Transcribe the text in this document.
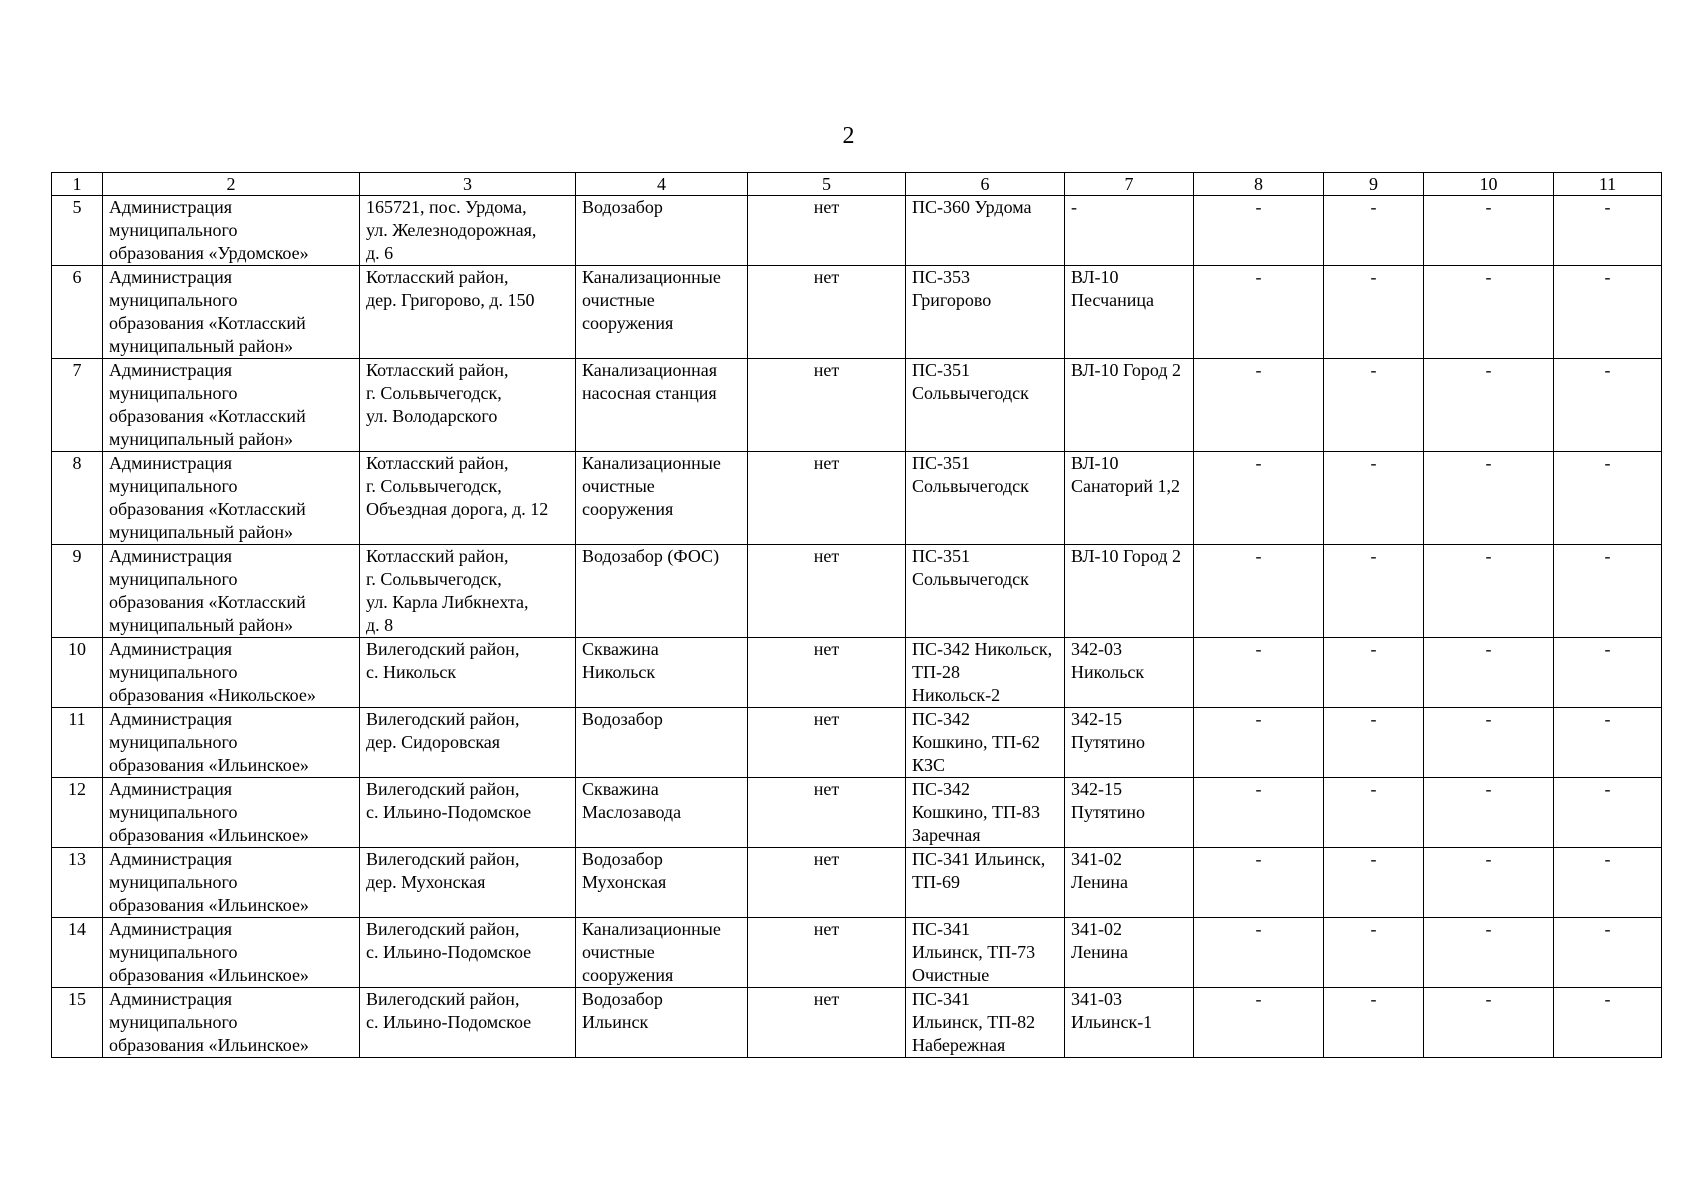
2
1	2	3	4	5	6	7	8	9	10	11
5	Администрация
муниципального
образования «Урдомское»	165721, пос. Урдома,
ул. Железнодорожная,
д. 6	Водозабор	нет	ПС-360 Урдома	-	-	-	-	-
6	Администрация
муниципального
образования «Котласский
муниципальный район»	Котласский район,
дер. Григорово, д. 150	Канализационные
очистные
сооружения	нет	ПС-353
Григорово	ВЛ-10
Песчаница	-	-	-	-
7	Администрация
муниципального
образования «Котласский
муниципальный район»	Котласский район,
г. Сольвычегодск,
ул. Володарского	Канализационная
насосная станция	нет	ПС-351
Сольвычегодск	ВЛ-10 Город 2	-	-	-	-
8	Администрация
муниципального
образования «Котласский
муниципальный район»	Котласский район,
г. Сольвычегодск,
Объездная дорога, д. 12	Канализационные
очистные
сооружения	нет	ПС-351
Сольвычегодск	ВЛ-10
Санаторий 1,2	-	-	-	-
9	Администрация
муниципального
образования «Котласский
муниципальный район»	Котласский район,
г. Сольвычегодск,
ул. Карла Либкнехта,
д. 8	Водозабор (ФОС)	нет	ПС-351
Сольвычегодск	ВЛ-10 Город 2	-	-	-	-
10	Администрация
муниципального
образования «Никольское»	Вилегодский район,
с. Никольск	Скважина
Никольск	нет	ПС-342 Никольск,
ТП-28
Никольск-2	342-03
Никольск	-	-	-	-
11	Администрация
муниципального
образования «Ильинское»	Вилегодский район,
дер. Сидоровская	Водозабор	нет	ПС-342
Кошкино, ТП-62
КЗС	342-15
Путятино	-	-	-	-
12	Администрация
муниципального
образования «Ильинское»	Вилегодский район,
с. Ильино-Подомское	Скважина
Маслозавода	нет	ПС-342
Кошкино, ТП-83
Заречная	342-15
Путятино	-	-	-	-
13	Администрация
муниципального
образования «Ильинское»	Вилегодский район,
дер. Мухонская	Водозабор
Мухонская	нет	ПС-341 Ильинск,
ТП-69	341-02
Ленина	-	-	-	-
14	Администрация
муниципального
образования «Ильинское»	Вилегодский район,
с. Ильино-Подомское	Канализационные
очистные
сооружения	нет	ПС-341
Ильинск, ТП-73
Очистные	341-02
Ленина	-	-	-	-
15	Администрация
муниципального
образования «Ильинское»	Вилегодский район,
с. Ильино-Подомское	Водозабор
Ильинск	нет	ПС-341
Ильинск, ТП-82
Набережная	341-03
Ильинск-1	-	-	-	-
